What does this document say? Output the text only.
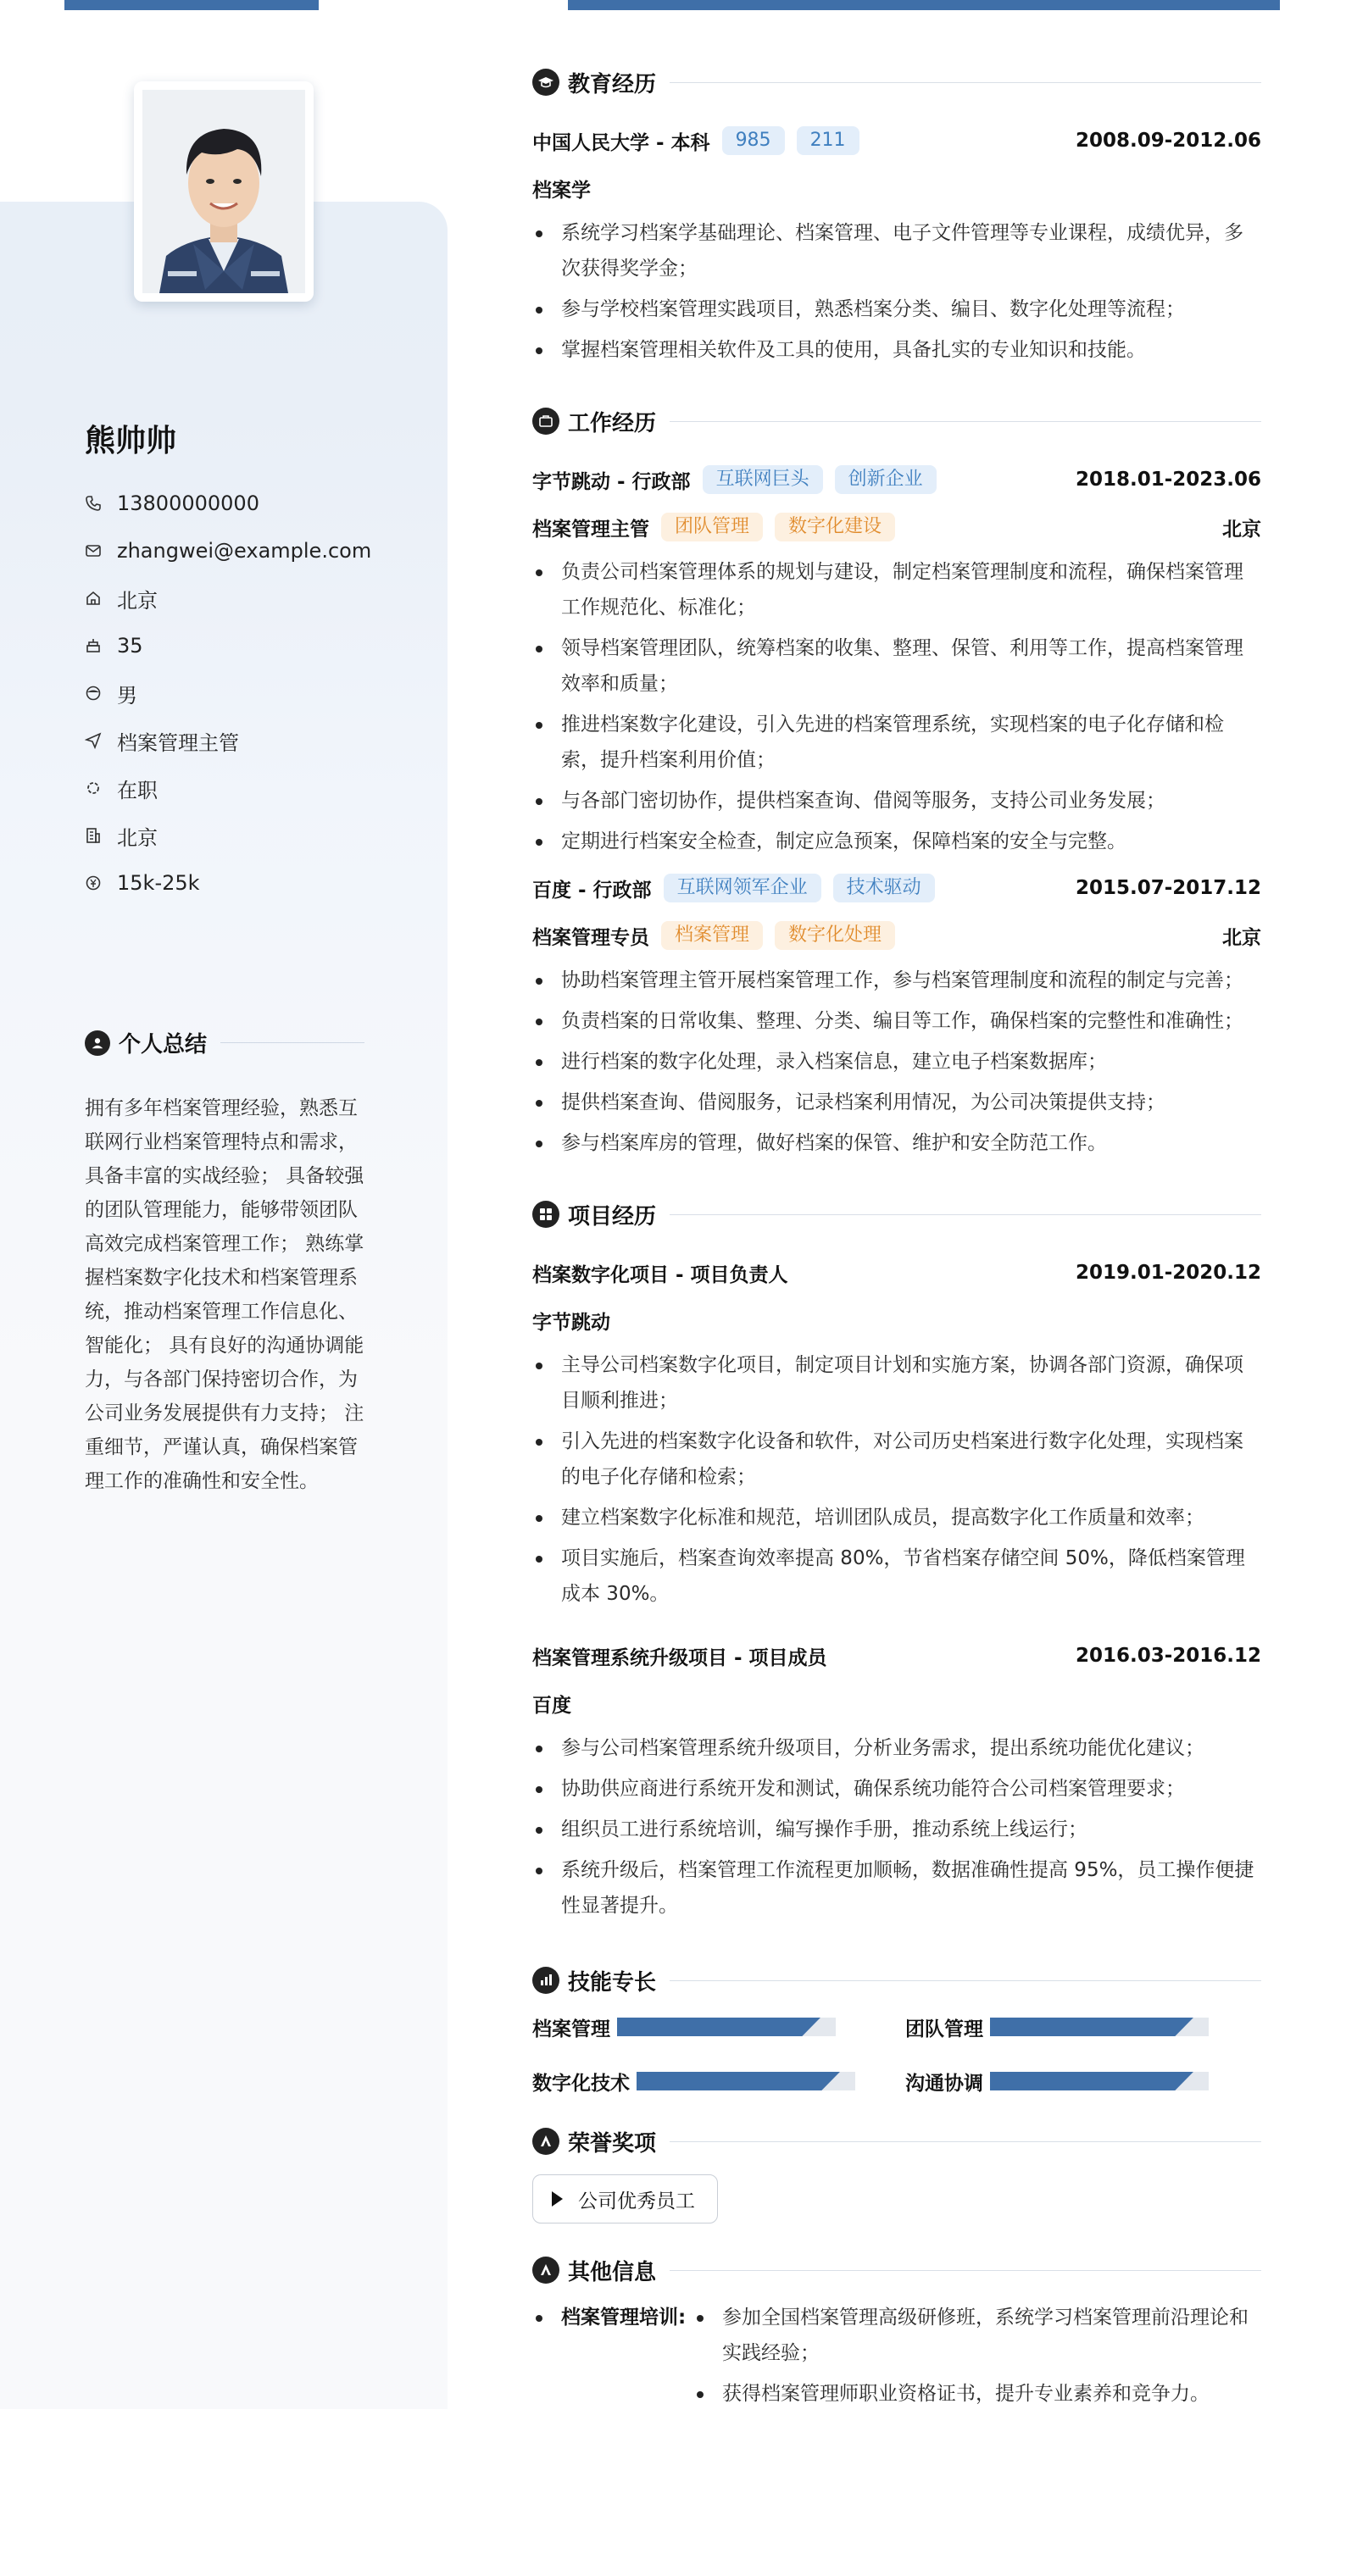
熊帅帅
13800000000
zhangwei@example.com
北京
35
男
档案管理主管
在职
北京
15k-25k
个人总结
拥有多年档案管理经验，熟悉互联网行业档案管理特点和需求，具备丰富的实战经验； 具备较强的团队管理能力，能够带领团队高效完成档案管理工作； 熟练掌握档案数字化技术和档案管理系统，推动档案管理工作信息化、智能化； 具有良好的沟通协调能力，与各部门保持密切合作，为公司业务发展提供有力支持； 注重细节，严谨认真，确保档案管理工作的准确性和安全性。
教育经历
中国人民大学 - 本科	985	211	2008.09-2012.06
档案学
系统学习档案学基础理论、档案管理、电子文件管理等专业课程，成绩优异，多次获得奖学金；
参与学校档案管理实践项目，熟悉档案分类、编目、数字化处理等流程；
掌握档案管理相关软件及工具的使用，具备扎实的专业知识和技能。
工作经历
字节跳动 - 行政部	互联网巨头	创新企业	2018.01-2023.06
档案管理主管	团队管理	数字化建设	北京
负责公司档案管理体系的规划与建设，制定档案管理制度和流程，确保档案管理工作规范化、标准化；
领导档案管理团队，统筹档案的收集、整理、保管、利用等工作，提高档案管理效率和质量；
推进档案数字化建设，引入先进的档案管理系统，实现档案的电子化存储和检索，提升档案利用价值；
与各部门密切协作，提供档案查询、借阅等服务，支持公司业务发展；
定期进行档案安全检查，制定应急预案，保障档案的安全与完整。
百度 - 行政部	互联网领军企业	技术驱动	2015.07-2017.12
档案管理专员	档案管理	数字化处理	北京
协助档案管理主管开展档案管理工作，参与档案管理制度和流程的制定与完善；
负责档案的日常收集、整理、分类、编目等工作，确保档案的完整性和准确性；
进行档案的数字化处理，录入档案信息，建立电子档案数据库；
提供档案查询、借阅服务，记录档案利用情况，为公司决策提供支持；
参与档案库房的管理，做好档案的保管、维护和安全防范工作。
项目经历
档案数字化项目 - 项目负责人	2019.01-2020.12
字节跳动
主导公司档案数字化项目，制定项目计划和实施方案，协调各部门资源，确保项目顺利推进；
引入先进的档案数字化设备和软件，对公司历史档案进行数字化处理，实现档案的电子化存储和检索；
建立档案数字化标准和规范，培训团队成员，提高数字化工作质量和效率；
项目实施后，档案查询效率提高 80%，节省档案存储空间 50%，降低档案管理成本 30%。
档案管理系统升级项目 - 项目成员	2016.03-2016.12
百度
参与公司档案管理系统升级项目，分析业务需求，提出系统功能优化建议；
协助供应商进行系统开发和测试，确保系统功能符合公司档案管理要求；
组织员工进行系统培训，编写操作手册，推动系统上线运行；
系统升级后，档案管理工作流程更加顺畅，数据准确性提高 95%，员工操作便捷性显著提升。
技能专长
档案管理	团队管理
数字化技术	沟通协调
荣誉奖项
公司优秀员工
其他信息
档案管理培训:	参加全国档案管理高级研修班，系统学习档案管理前沿理论和实践经验；
获得档案管理师职业资格证书，提升专业素养和竞争力。
